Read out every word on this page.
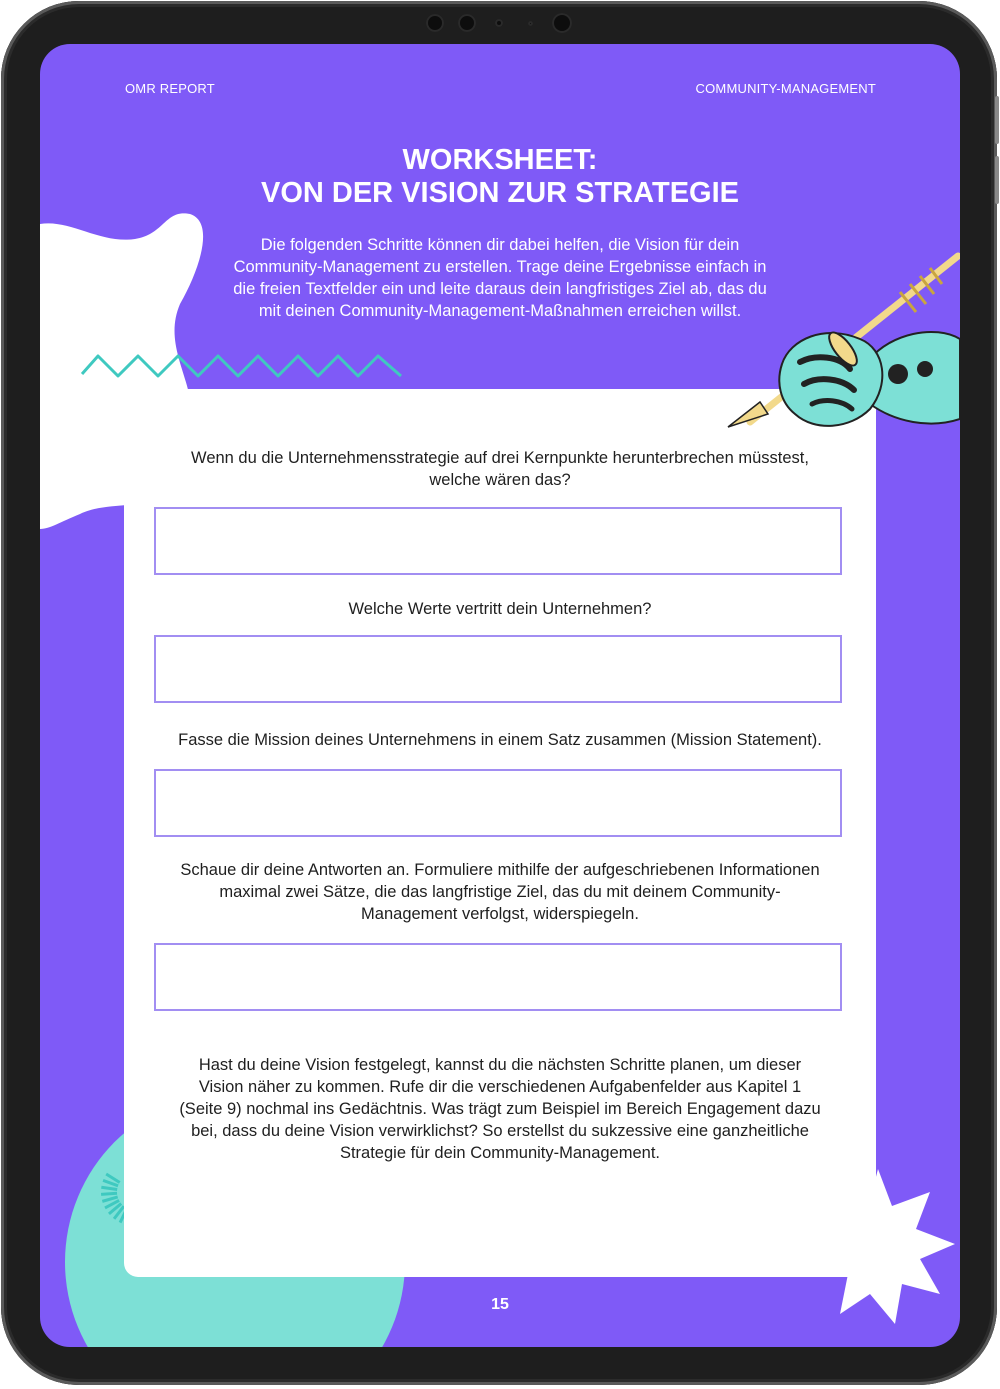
OMR REPORT	COMMUNITY-MANAGEMENT
WORKSHEET:
VON DER VISION ZUR STRATEGIE
Die folgenden Schritte können dir dabei helfen, die Vision für dein
Community-Management zu erstellen. Trage deine Ergebnisse einfach in
die freien Textfelder ein und leite daraus dein langfristiges Ziel ab, das du
mit deinen Community-Management-Maßnahmen erreichen willst.
Wenn du die Unternehmensstrategie auf drei Kernpunkte herunterbrechen müsstest,
welche wären das?
Welche Werte vertritt dein Unternehmen?
Fasse die Mission deines Unternehmens in einem Satz zusammen (Mission Statement).
Schaue dir deine Antworten an. Formuliere mithilfe der aufgeschriebenen Informationen
maximal zwei Sätze, die das langfristige Ziel, das du mit deinem Community-
Management verfolgst, widerspiegeln.
Hast du deine Vision festgelegt, kannst du die nächsten Schritte planen, um dieser
Vision näher zu kommen. Rufe dir die verschiedenen Aufgabenfelder aus Kapitel 1
(Seite 9) nochmal ins Gedächtnis. Was trägt zum Beispiel im Bereich Engagement dazu
bei, dass du deine Vision verwirklichst? So erstellst du sukzessive eine ganzheitliche
Strategie für dein Community-Management.
15
